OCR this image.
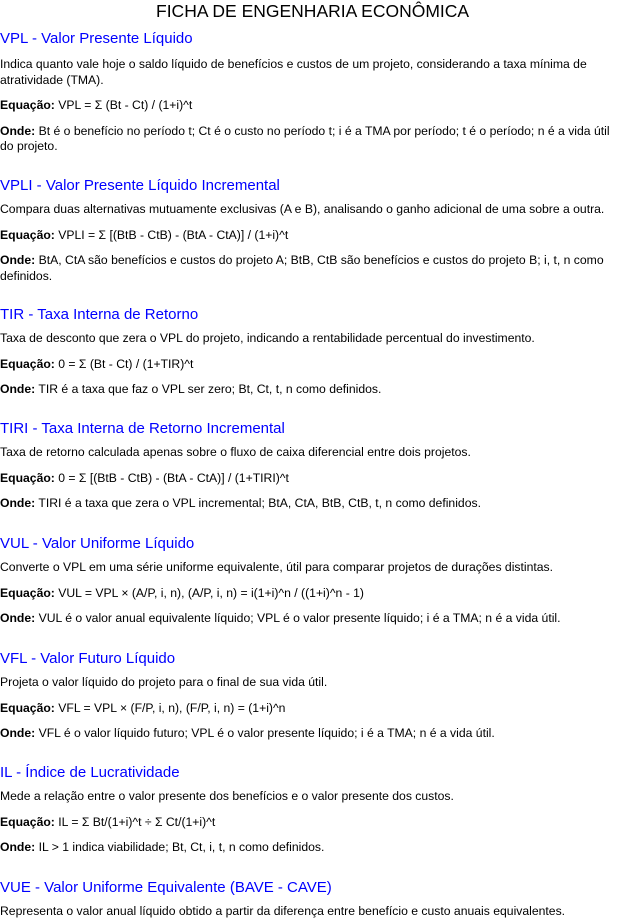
FICHA DE ENGENHARIA ECONÔMICA
VPL - Valor Presente Líquido

Indica quanto vale hoje o saldo líquido de benefícios e custos de um projeto, considerando a taxa mínima de atratividade (TMA).

Equação: VPL = Σ (Bt - Ct) / (1+i)^t

Onde: Bt é o benefício no período t; Ct é o custo no período t; i é a TMA por período; t é o período; n é a vida útil do projeto.

VPLI - Valor Presente Líquido Incremental

Compara duas alternativas mutuamente exclusivas (A e B), analisando o ganho adicional de uma sobre a outra.

Equação: VPLI = Σ [(BtB - CtB) - (BtA - CtA)] / (1+i)^t

Onde: BtA, CtA são benefícios e custos do projeto A; BtB, CtB são benefícios e custos do projeto B; i, t, n como definidos.

TIR - Taxa Interna de Retorno

Taxa de desconto que zera o VPL do projeto, indicando a rentabilidade percentual do investimento.

Equação: 0 = Σ (Bt - Ct) / (1+TIR)^t

Onde: TIR é a taxa que faz o VPL ser zero; Bt, Ct, t, n como definidos.

TIRI - Taxa Interna de Retorno Incremental

Taxa de retorno calculada apenas sobre o fluxo de caixa diferencial entre dois projetos.

Equação: 0 = Σ [(BtB - CtB) - (BtA - CtA)] / (1+TIRI)^t

Onde: TIRI é a taxa que zera o VPL incremental; BtA, CtA, BtB, CtB, t, n como definidos.

VUL - Valor Uniforme Líquido

Converte o VPL em uma série uniforme equivalente, útil para comparar projetos de durações distintas.

Equação: VUL = VPL × (A/P, i, n), (A/P, i, n) = i(1+i)^n / ((1+i)^n - 1)

Onde: VUL é o valor anual equivalente líquido; VPL é o valor presente líquido; i é a TMA; n é a vida útil.

VFL - Valor Futuro Líquido

Projeta o valor líquido do projeto para o final de sua vida útil.

Equação: VFL = VPL × (F/P, i, n), (F/P, i, n) = (1+i)^n

Onde: VFL é o valor líquido futuro; VPL é o valor presente líquido; i é a TMA; n é a vida útil.

IL - Índice de Lucratividade

Mede a relação entre o valor presente dos benefícios e o valor presente dos custos.

Equação: IL = Σ Bt/(1+i)^t ÷ Σ Ct/(1+i)^t

Onde: IL > 1 indica viabilidade; Bt, Ct, i, t, n como definidos.

VUE - Valor Uniforme Equivalente (BAVE - CAVE)

Representa o valor anual líquido obtido a partir da diferença entre benefício e custo anuais equivalentes.
